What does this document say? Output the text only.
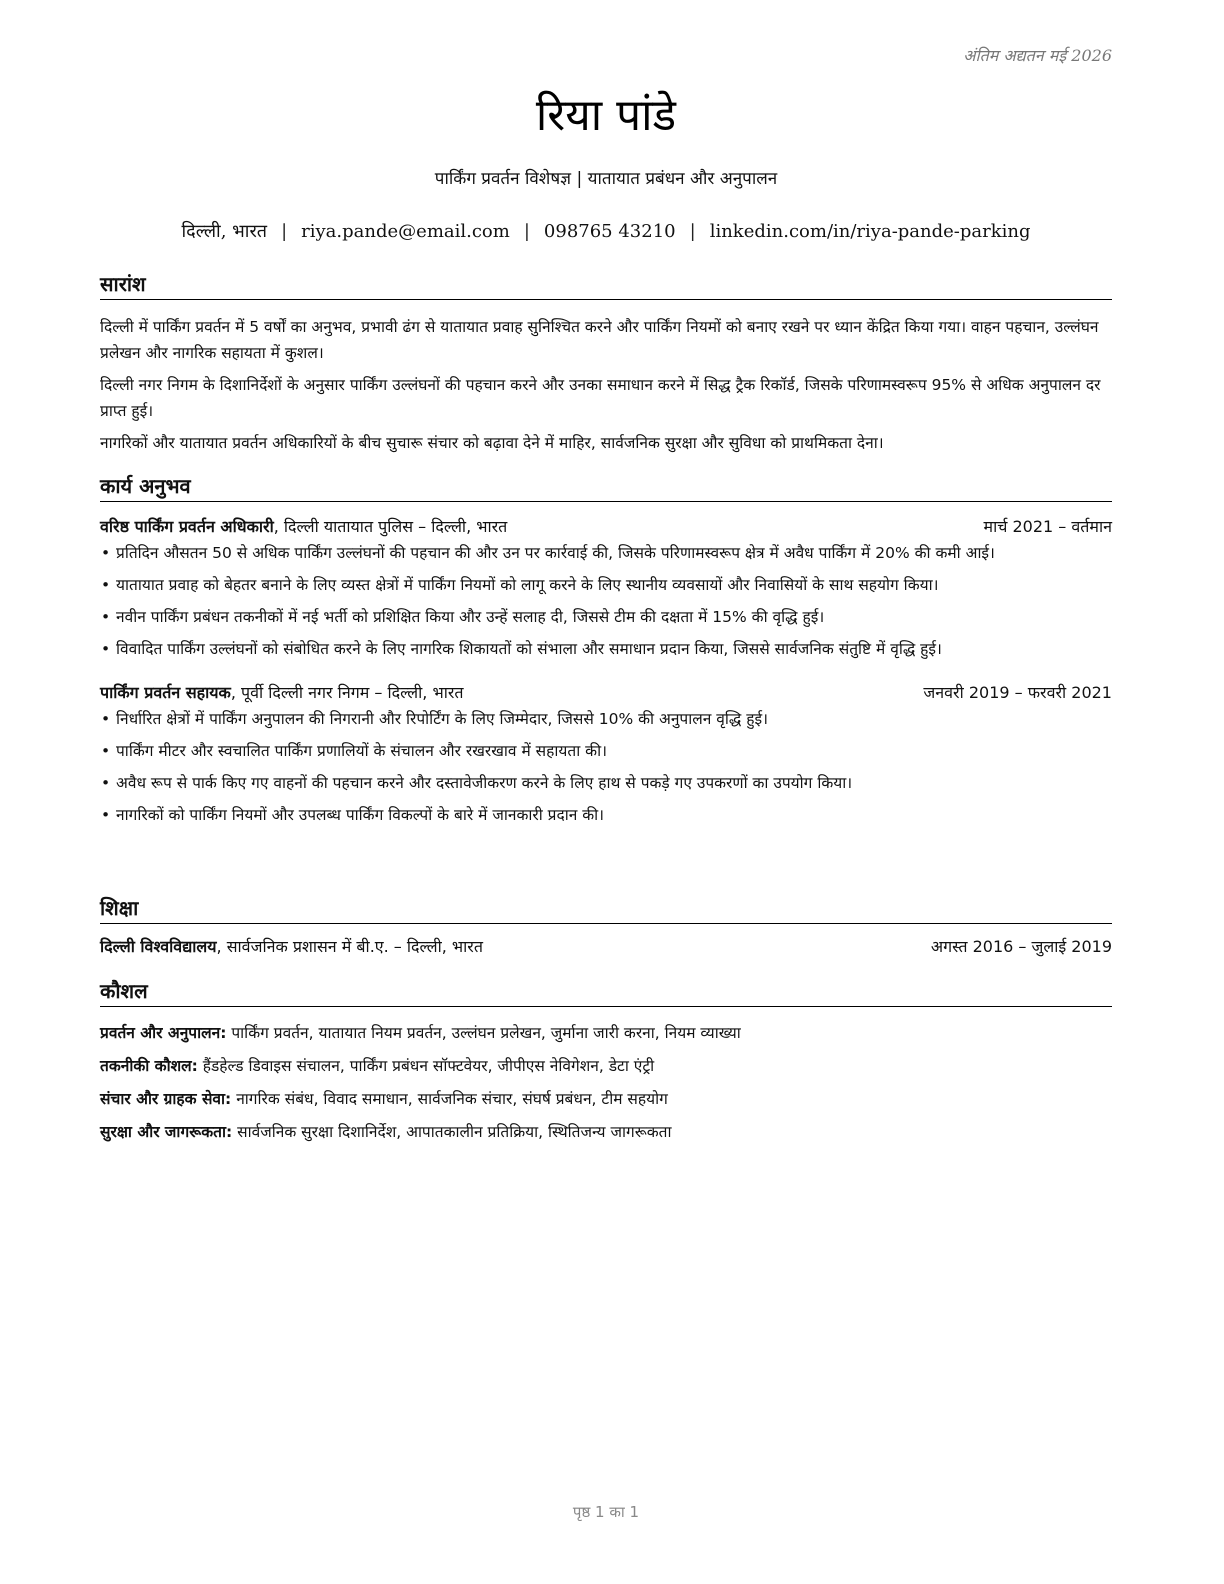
अंतिम अद्यतन मई 2026
रिया पांडे
पार्किंग प्रवर्तन विशेषज्ञ | यातायात प्रबंधन और अनुपालन
दिल्ली, भारत | riya.pande@email.com | 098765 43210 | linkedin.com/in/riya-pande-parking
सारांश

दिल्ली में पार्किंग प्रवर्तन में 5 वर्षों का अनुभव, प्रभावी ढंग से यातायात प्रवाह सुनिश्चित करने और पार्किंग नियमों को बनाए रखने पर ध्यान केंद्रित किया गया। वाहन पहचान, उल्लंघन प्रलेखन और नागरिक सहायता में कुशल।

दिल्ली नगर निगम के दिशानिर्देशों के अनुसार पार्किंग उल्लंघनों की पहचान करने और उनका समाधान करने में सिद्ध ट्रैक रिकॉर्ड, जिसके परिणामस्वरूप 95% से अधिक अनुपालन दर प्राप्त हुई।

नागरिकों और यातायात प्रवर्तन अधिकारियों के बीच सुचारू संचार को बढ़ावा देने में माहिर, सार्वजनिक सुरक्षा और सुविधा को प्राथमिकता देना।

कार्य अनुभव
वरिष्ठ पार्किंग प्रवर्तन अधिकारी, दिल्ली यातायात पुलिस – दिल्ली, भारत	मार्च 2021 – वर्तमान
• प्रतिदिन औसतन 50 से अधिक पार्किंग उल्लंघनों की पहचान की और उन पर कार्रवाई की, जिसके परिणामस्वरूप क्षेत्र में अवैध पार्किंग में 20% की कमी आई।
• यातायात प्रवाह को बेहतर बनाने के लिए व्यस्त क्षेत्रों में पार्किंग नियमों को लागू करने के लिए स्थानीय व्यवसायों और निवासियों के साथ सहयोग किया।
• नवीन पार्किंग प्रबंधन तकनीकों में नई भर्ती को प्रशिक्षित किया और उन्हें सलाह दी, जिससे टीम की दक्षता में 15% की वृद्धि हुई।
• विवादित पार्किंग उल्लंघनों को संबोधित करने के लिए नागरिक शिकायतों को संभाला और समाधान प्रदान किया, जिससे सार्वजनिक संतुष्टि में वृद्धि हुई।
पार्किंग प्रवर्तन सहायक, पूर्वी दिल्ली नगर निगम – दिल्ली, भारत	जनवरी 2019 – फरवरी 2021
• निर्धारित क्षेत्रों में पार्किंग अनुपालन की निगरानी और रिपोर्टिंग के लिए जिम्मेदार, जिससे 10% की अनुपालन वृद्धि हुई।
• पार्किंग मीटर और स्वचालित पार्किंग प्रणालियों के संचालन और रखरखाव में सहायता की।
• अवैध रूप से पार्क किए गए वाहनों की पहचान करने और दस्तावेजीकरण करने के लिए हाथ से पकड़े गए उपकरणों का उपयोग किया।
• नागरिकों को पार्किंग नियमों और उपलब्ध पार्किंग विकल्पों के बारे में जानकारी प्रदान की।
शिक्षा
दिल्ली विश्वविद्यालय, सार्वजनिक प्रशासन में बी.ए. – दिल्ली, भारत	अगस्त 2016 – जुलाई 2019
कौशल
प्रवर्तन और अनुपालन: पार्किंग प्रवर्तन, यातायात नियम प्रवर्तन, उल्लंघन प्रलेखन, जुर्माना जारी करना, नियम व्याख्या
तकनीकी कौशल: हैंडहेल्ड डिवाइस संचालन, पार्किंग प्रबंधन सॉफ्टवेयर, जीपीएस नेविगेशन, डेटा एंट्री
संचार और ग्राहक सेवा: नागरिक संबंध, विवाद समाधान, सार्वजनिक संचार, संघर्ष प्रबंधन, टीम सहयोग
सुरक्षा और जागरूकता: सार्वजनिक सुरक्षा दिशानिर्देश, आपातकालीन प्रतिक्रिया, स्थितिजन्य जागरूकता
पृष्ठ 1 का 1
